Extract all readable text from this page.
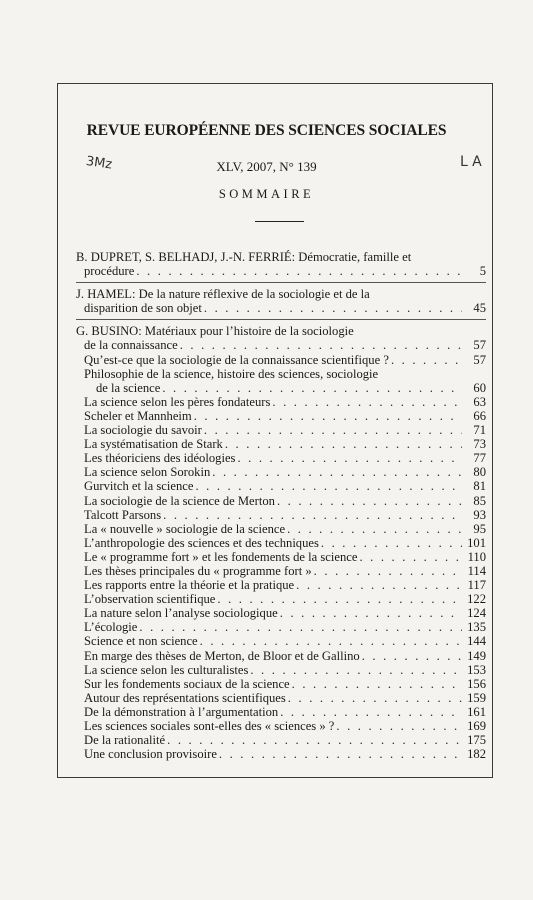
REVUE EUROPÉENNE DES SCIENCES SOCIALES
3Mz	LA
XLV, 2007, N° 139
SOMMAIRE
B. DUPRET, S. BELHADJ, J.-N. FERRIÉ: Démocratie, famille et
procédure . . .	5
J. HAMEL: De la nature réflexive de la sociologie et de la
disparition de son objet . . .	45
G. BUSINO: Matériaux pour l’histoire de la sociologie
de la connaissance . . .	57
Qu’est-ce que la sociologie de la connaissance scientifique ? . . .	57
Philosophie de la science, histoire des sciences, sociologie
de la science . . .	60
La science selon les pères fondateurs . . .	63
Scheler et Mannheim . . .	66
La sociologie du savoir . . .	71
La systématisation de Stark . . .	73
Les théoriciens des idéologies . . .	77
La science selon Sorokin . . .	80
Gurvitch et la science . . .	81
La sociologie de la science de Merton . . .	85
Talcott Parsons . . .	93
La « nouvelle » sociologie de la science . . .	95
L’anthropologie des sciences et des techniques . . .	101
Le « programme fort » et les fondements de la science . . .	110
Les thèses principales du « programme fort » . . .	114
Les rapports entre la théorie et la pratique . . .	117
L’observation scientifique . . .	122
La nature selon l’analyse sociologique . . .	124
L’écologie . . .	135
Science et non science . . .	144
En marge des thèses de Merton, de Bloor et de Gallino . . .	149
La science selon les culturalistes . . .	153
Sur les fondements sociaux de la science . . .	156
Autour des représentations scientifiques . . .	159
De la démonstration à l’argumentation . . .	161
Les sciences sociales sont-elles des « sciences » ? . . .	169
De la rationalité . . .	175
Une conclusion provisoire . . .	182
